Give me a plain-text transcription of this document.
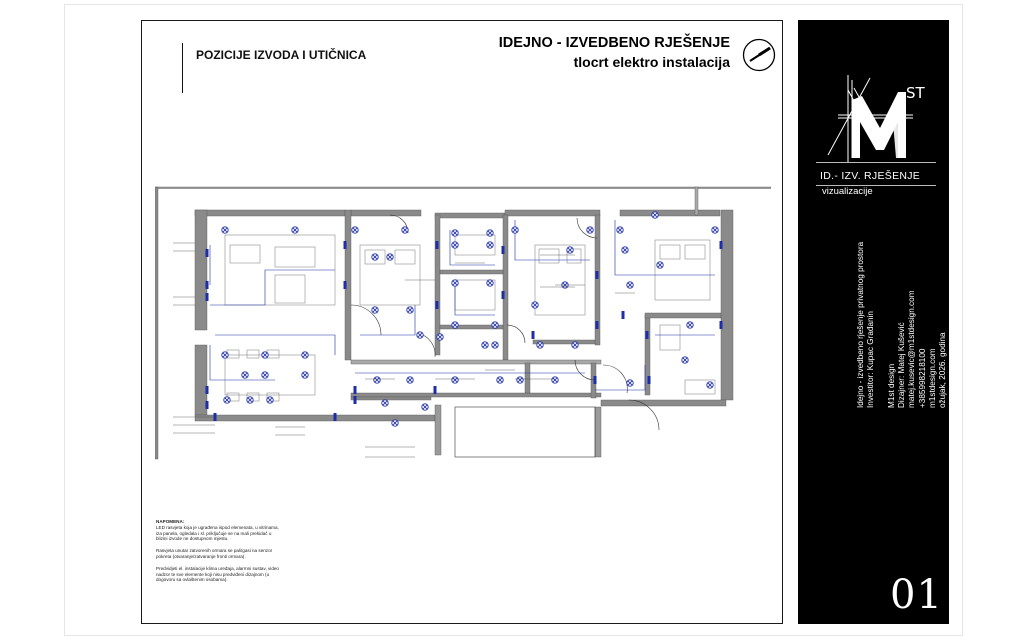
POZICIJE IZVODA I UTIČNICA
IDEJNO - IZVEDBENO RJEŠENJE
tlocrt elektro instalacija

NAPOMENA:

LED rasvjeta koja je ugrađena ispod elemenata, u vitrinama, iza panela, ogledala i sl. priključuje se na mali prekidač u blizini izvode ne dostupnom mjestu.

Rasvjeta unutar zatvorenih ormara se pali/gasi na senzor pokreta (otvaranje/zatvaranje fronti ormara).

Predvidjeti el. instalacije klima uređaja, alarmni sustav, video nadzor te sve elemente koji nisu predviđeni dizajnom (u dogovoru sa ovlaštenim osobama).

ST
ID.- IZV. RJEŠENJE
vizualizacije
Idejno - izvedbeno rješenje privatnog prostora Investitor: Kupac Građanin M1st design Dizajner: Matej Kušević matej.kusevic@m1stdesign.com +385998218100 m1stdesign.com ožujak, 2026. godina
01
